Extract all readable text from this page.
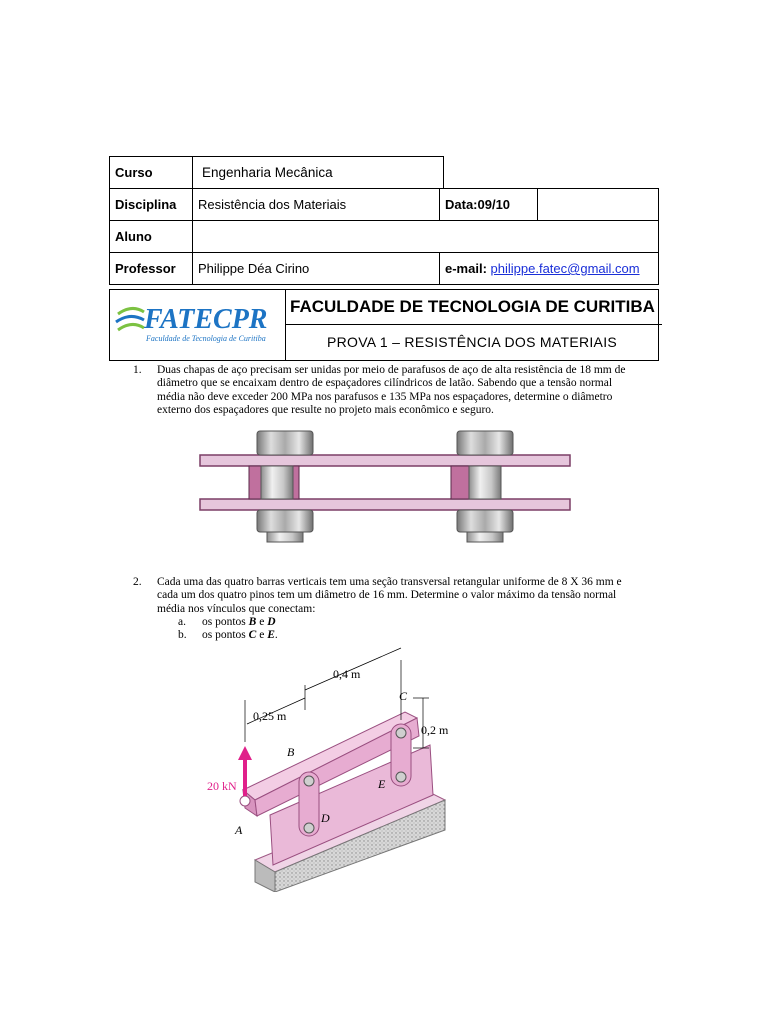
Curso	Engenharia Mecânica	
Disciplina	Resistência dos Materiais	Data:09/10	
Aluno	
Professor	Philippe Déa Cirino	e-mail: philippe.fatec@gmail.com
FATECPR
Faculdade de Tecnologia de Curitiba
FACULDADE DE TECNOLOGIA DE CURITIBA
PROVA 1 – RESISTÊNCIA DOS MATERIAIS
1. Duas chapas de aço precisam ser unidas por meio de parafusos de aço de alta resistência de 18 mm de
diâmetro que se encaixam dentro de espaçadores cilíndricos de latão. Sabendo que a tensão normal
média não deve exceder 200 MPa nos parafusos e 135 MPa nos espaçadores, determine o diâmetro
externo dos espaçadores que resulte no projeto mais econômico e seguro.
2. Cada uma das quatro barras verticais tem uma seção transversal retangular uniforme de 8 X 36 mm e
cada um dos quatro pinos tem um diâmetro de 16 mm. Determine o valor máximo da tensão normal
média nos vínculos que conectam:
a. os pontos B e D
b. os pontos C e E.
20 kN
0,4 m
0,25 m
0,2 m
A
B
C
D
E
